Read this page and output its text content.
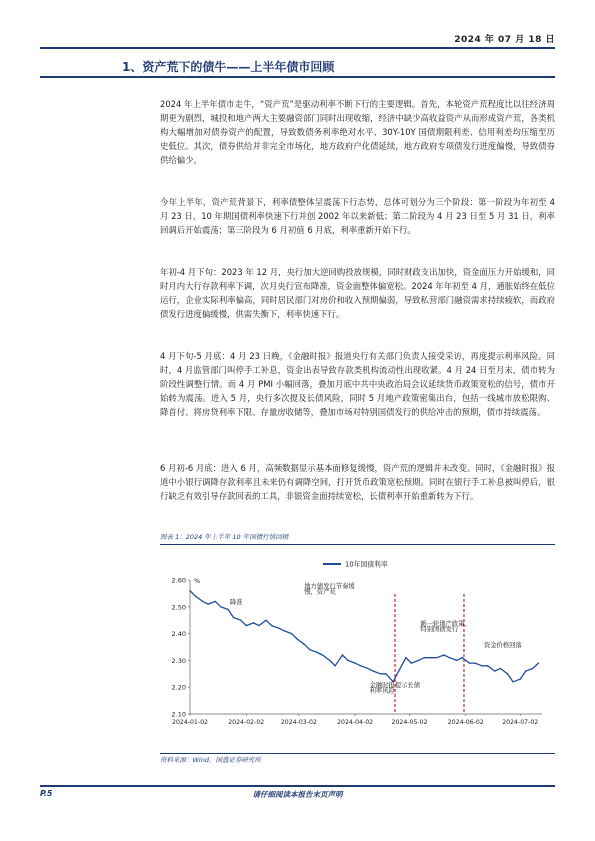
2024 年 07 月 18 日
1、资产荒下的债牛——上半年债市回顾

2024 年上半年债市走牛，“资产荒”是驱动利率不断下行的主要逻辑。首先，本轮资产荒程度比以往经济周期更为剧烈，城投和地产两大主要融资部门同时出现收缩，经济中缺少高收益资产从而形成资产荒，各类机构大幅增加对债券资产的配置，导致数债务利率绝对水平、30Y-10Y 国债期限利差、信用利差均压缩至历史低位。其次，债券供给并非完全市场化，地方政府户化债延续，地方政府专项债发行进度偏慢，导致债券供给偏少。

今年上半年，资产荒背景下，利率债整体呈震荡下行态势，总体可划分为三个阶段：第一阶段为年初至 4 月 23 日，10 年期国债利率快速下行并创 2002 年以来新低；第二阶段为 4 月 23 日至 5 月 31 日，利率回调后开始震荡；第三阶段为 6 月初值 6 月底，利率重新开始下行。

年初-4 月下旬：2023 年 12 月，央行加大逆回购投放规模，同时财政支出加快，资金面压力开始缓和，同时月内大行存款利率下调，次月央行宣布降准，资金面整体偏宽松。2024 年年初至 4 月，通胀始终在低位运行，企业实际利率偏高，同时居民部门对房价和收入预期偏弱，导致私营部门融资需求持续疲软，而政府债发行进度偏缓慢，供需失衡下，利率快速下行。

4 月下旬-5 月底：4 月 23 日晚，《金融时报》报道央行有关部门负责人接受采访，再度提示利率风险。同时，4 月监管部门叫停手工补息，资金出表导致存款类机构流动性出现收紧。4 月 24 日至月末，债市转为阶段性调整行情。而 4 月 PMI 小幅回落，叠加月底中共中央政治局会议延续货币政策宽松的信号，债市开始转为震荡。进入 5 月，央行多次提及长债风险，同时 5 月地产政策密集出台，包括一线城市放松限购、降首付、将房贷利率下限、存量房收储等，叠加市场对特别国债发行的供给冲击的预期，债市持续震荡。

6 月初-6 月底：进入 6 月，高频数据显示基本面修复缓慢，资产荒的逻辑并未改变。同时，《金融时报》报道中小银行调降存款利率且未来仍有调降空间，打开货币政策宽松预期。同时在银行手工补息被叫停后，银行缺乏有效引导存款回表的工具，非银资金面持续宽松，长债利率开始重新转为下行。

图表 1：2024 年上半年 10 年国债行情回顾
%
2.60
2.50
2.40
2.30
2.20
2.10
2024-01-02	2024-02-02	2024-03-02	2024-04-02	2024-05-02	2024-06-02	2024-07-02
降准
地方债发行节奏缓
慢，资产荒
新一轮地产政策、
特别国债发行
资金价格回落
金融时报提示长债
利率风险
10年国债利率
资料来源：Wind，国盛证券研究所
P.5	请仔细阅读本报告末页声明
